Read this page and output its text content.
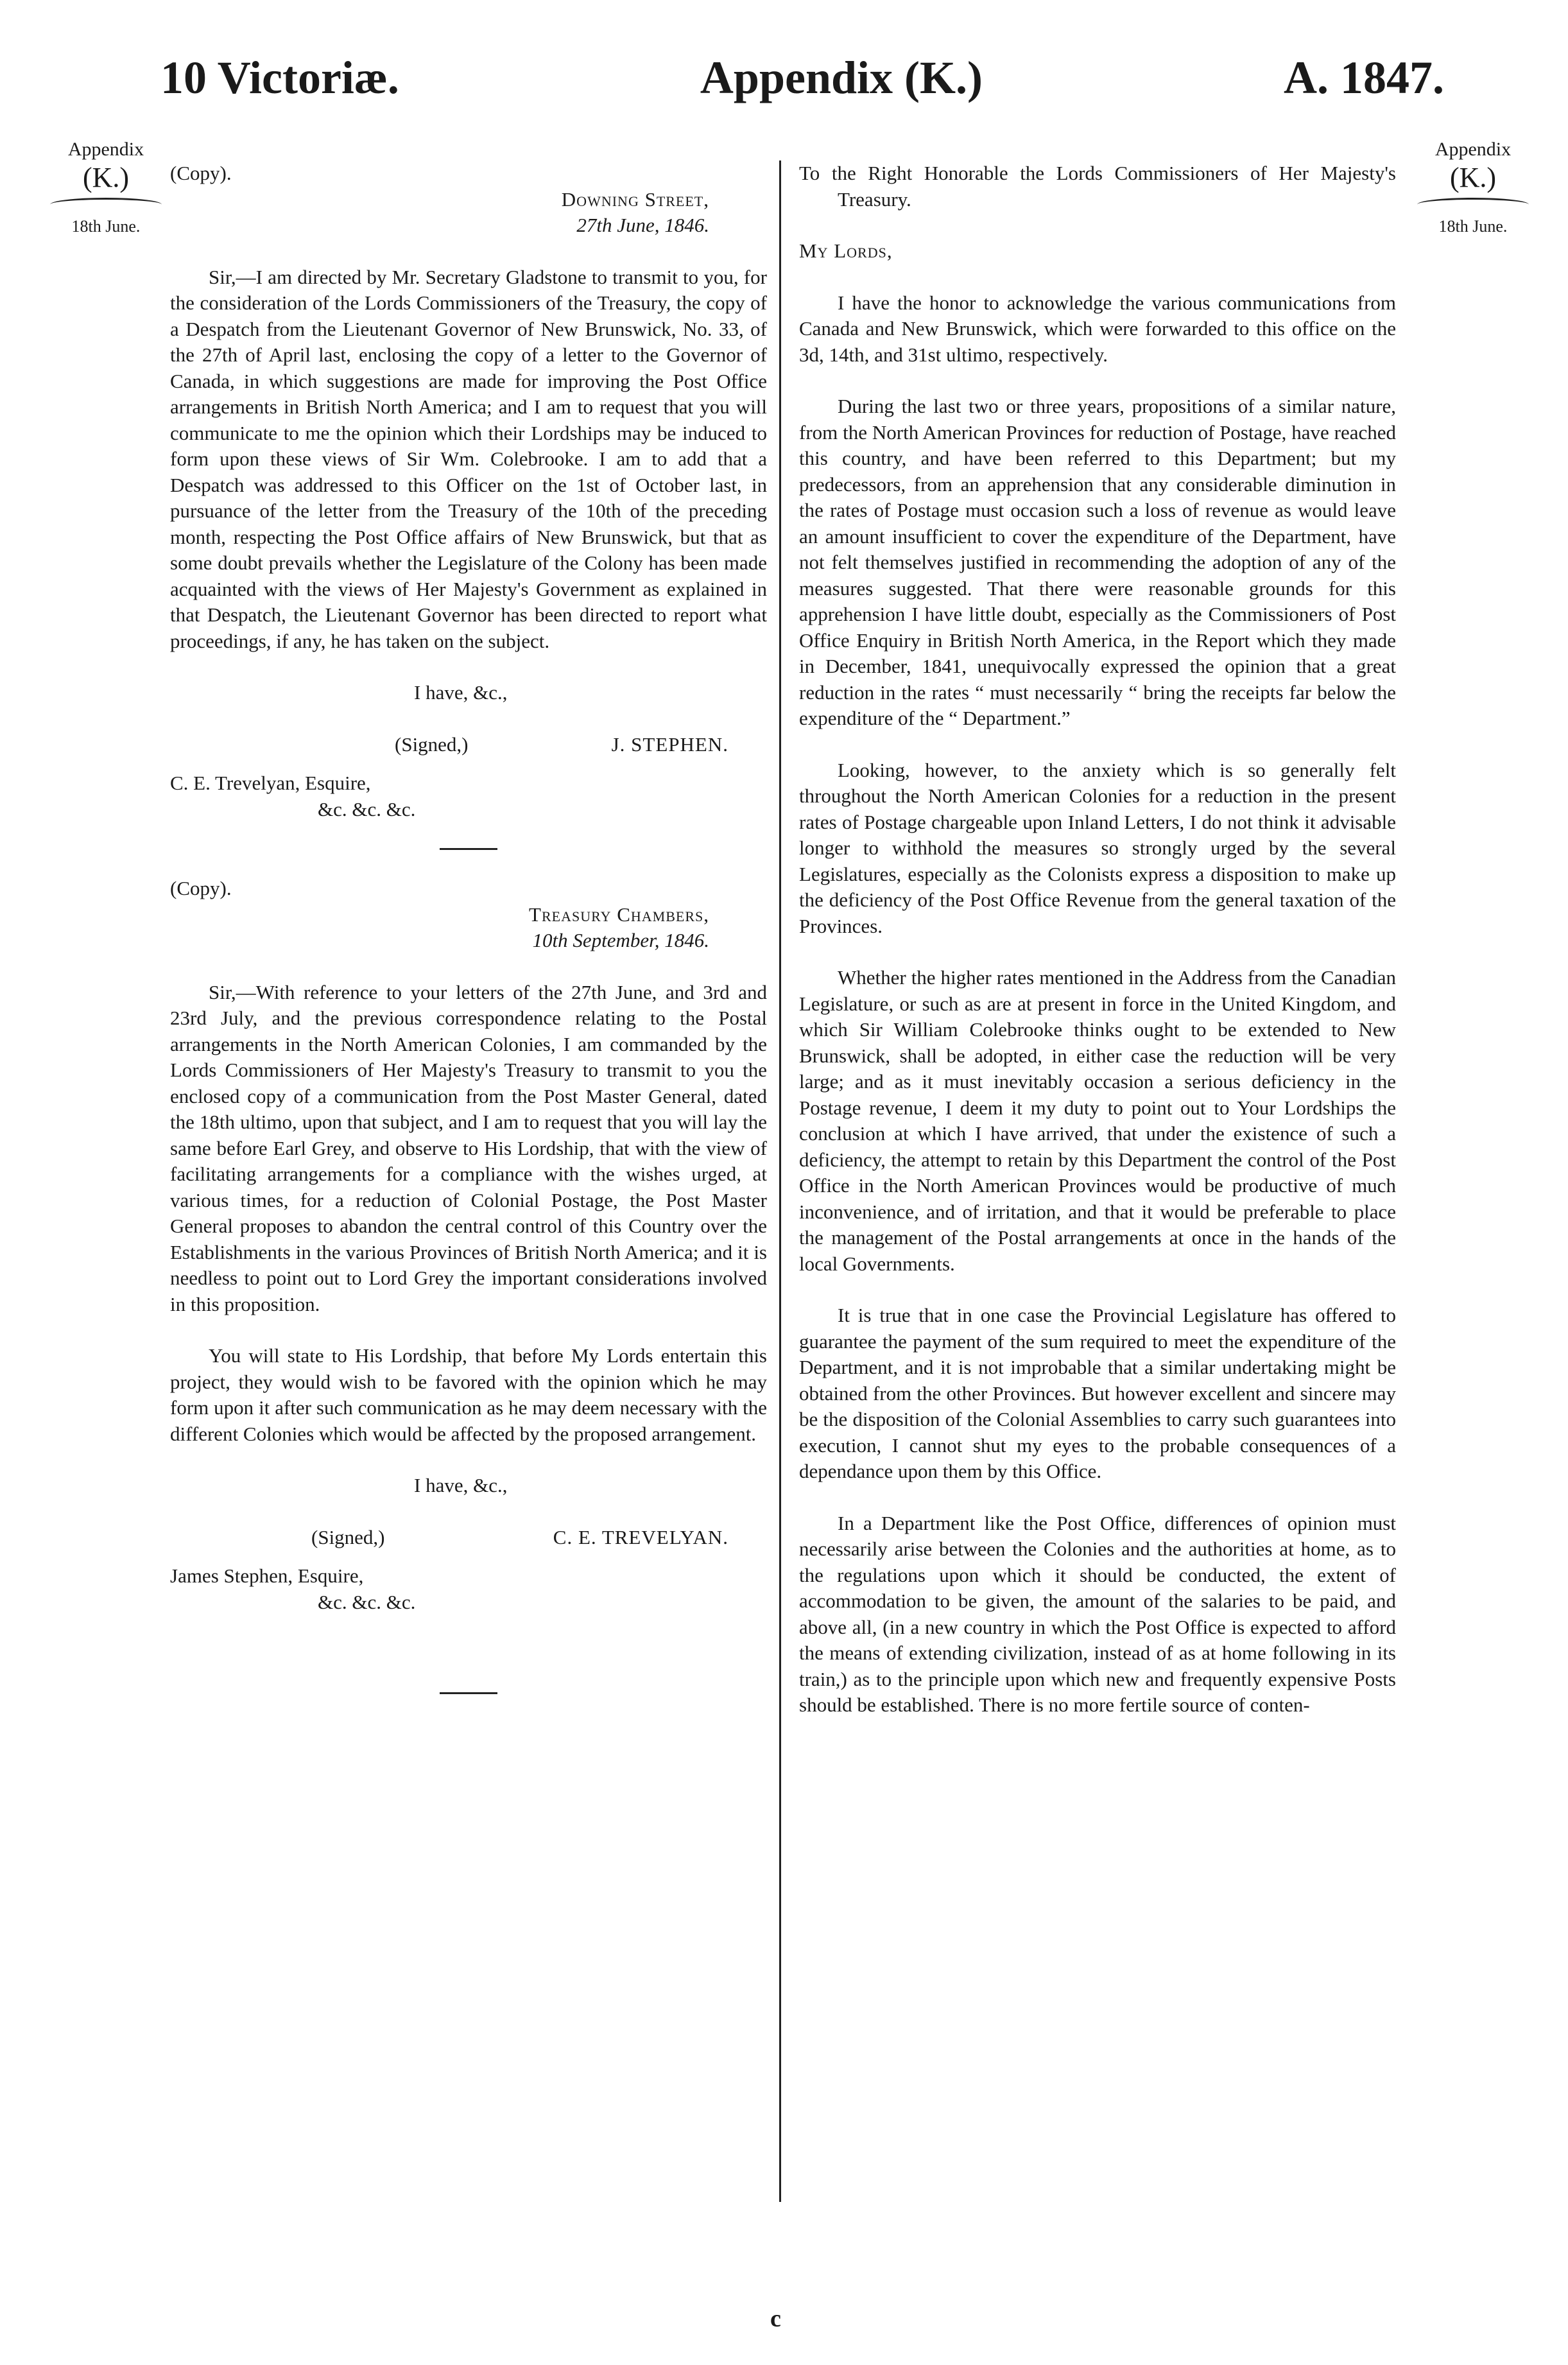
10 Victoriæ.	Appendix (K.)	A. 1847.
Appendix
(K.)
18th June.
Appendix
(K.)
18th June.

(Copy).

Downing Street,

27th June, 1846.

Sir,—I am directed by Mr. Secretary Gladstone to transmit to you, for the consideration of the Lords Commissioners of the Treasury, the copy of a Despatch from the Lieutenant Governor of New Brunswick, No. 33, of the 27th of April last, enclosing the copy of a letter to the Governor of Canada, in which suggestions are made for improving the Post Office arrangements in British North America; and I am to request that you will communicate to me the opinion which their Lordships may be induced to form upon these views of Sir Wm. Colebrooke. I am to add that a Despatch was addressed to this Officer on the 1st of October last, in pursuance of the letter from the Treasury of the 10th of the preceding month, respecting the Post Office affairs of New Brunswick, but that as some doubt prevails whether the Legislature of the Colony has been made acquainted with the views of Her Majesty's Government as explained in that Despatch, the Lieutenant Governor has been directed to report what proceedings, if any, he has taken on the subject.

I have, &c.,

(Signed,)	J. STEPHEN.

C. E. Trevelyan, Esquire,

&c. &c. &c.

(Copy).

Treasury Chambers,

10th September, 1846.

Sir,—With reference to your letters of the 27th June, and 3rd and 23rd July, and the previous correspondence relating to the Postal arrangements in the North American Colonies, I am commanded by the Lords Commissioners of Her Majesty's Treasury to transmit to you the enclosed copy of a communication from the Post Master General, dated the 18th ultimo, upon that subject, and I am to request that you will lay the same before Earl Grey, and observe to His Lordship, that with the view of facilitating arrangements for a compliance with the wishes urged, at various times, for a reduction of Colonial Postage, the Post Master General proposes to abandon the central control of this Country over the Establishments in the various Provinces of British North America; and it is needless to point out to Lord Grey the important considerations involved in this proposition.

You will state to His Lordship, that before My Lords entertain this project, they would wish to be favored with the opinion which he may form upon it after such communication as he may deem necessary with the different Colonies which would be affected by the proposed arrangement.

I have, &c.,

(Signed,)	C. E. TREVELYAN.

James Stephen, Esquire,

&c. &c. &c.

To the Right Honorable the Lords Commissioners of Her Majesty's Treasury.

My Lords,

I have the honor to acknowledge the various communications from Canada and New Brunswick, which were forwarded to this office on the 3d, 14th, and 31st ultimo, respectively.

During the last two or three years, propositions of a similar nature, from the North American Provinces for reduction of Postage, have reached this country, and have been referred to this Department; but my predecessors, from an apprehension that any considerable diminution in the rates of Postage must occasion such a loss of revenue as would leave an amount insufficient to cover the expenditure of the Department, have not felt themselves justified in recommending the adoption of any of the measures suggested. That there were reasonable grounds for this apprehension I have little doubt, especially as the Commissioners of Post Office Enquiry in British North America, in the Report which they made in December, 1841, unequivocally expressed the opinion that a great reduction in the rates “ must necessarily “ bring the receipts far below the expenditure of the “ Department.”

Looking, however, to the anxiety which is so generally felt throughout the North American Colonies for a reduction in the present rates of Postage chargeable upon Inland Letters, I do not think it advisable longer to withhold the measures so strongly urged by the several Legislatures, especially as the Colonists express a disposition to make up the deficiency of the Post Office Revenue from the general taxation of the Provinces.

Whether the higher rates mentioned in the Address from the Canadian Legislature, or such as are at present in force in the United Kingdom, and which Sir William Colebrooke thinks ought to be extended to New Brunswick, shall be adopted, in either case the reduction will be very large; and as it must inevitably occasion a serious deficiency in the Postage revenue, I deem it my duty to point out to Your Lordships the conclusion at which I have arrived, that under the existence of such a deficiency, the attempt to retain by this Department the control of the Post Office in the North American Provinces would be productive of much inconvenience, and of irritation, and that it would be preferable to place the management of the Postal arrangements at once in the hands of the local Governments.

It is true that in one case the Provincial Legislature has offered to guarantee the payment of the sum required to meet the expenditure of the Department, and it is not improbable that a similar undertaking might be obtained from the other Provinces. But however excellent and sincere may be the disposition of the Colonial Assemblies to carry such guarantees into execution, I cannot shut my eyes to the probable consequences of a dependance upon them by this Office.

In a Department like the Post Office, differences of opinion must necessarily arise between the Colonies and the authorities at home, as to the regulations upon which it should be conducted, the extent of accommodation to be given, the amount of the salaries to be paid, and above all, (in a new country in which the Post Office is expected to afford the means of extending civilization, instead of as at home following in its train,) as to the principle upon which new and frequently expensive Posts should be established. There is no more fertile source of conten-

c
